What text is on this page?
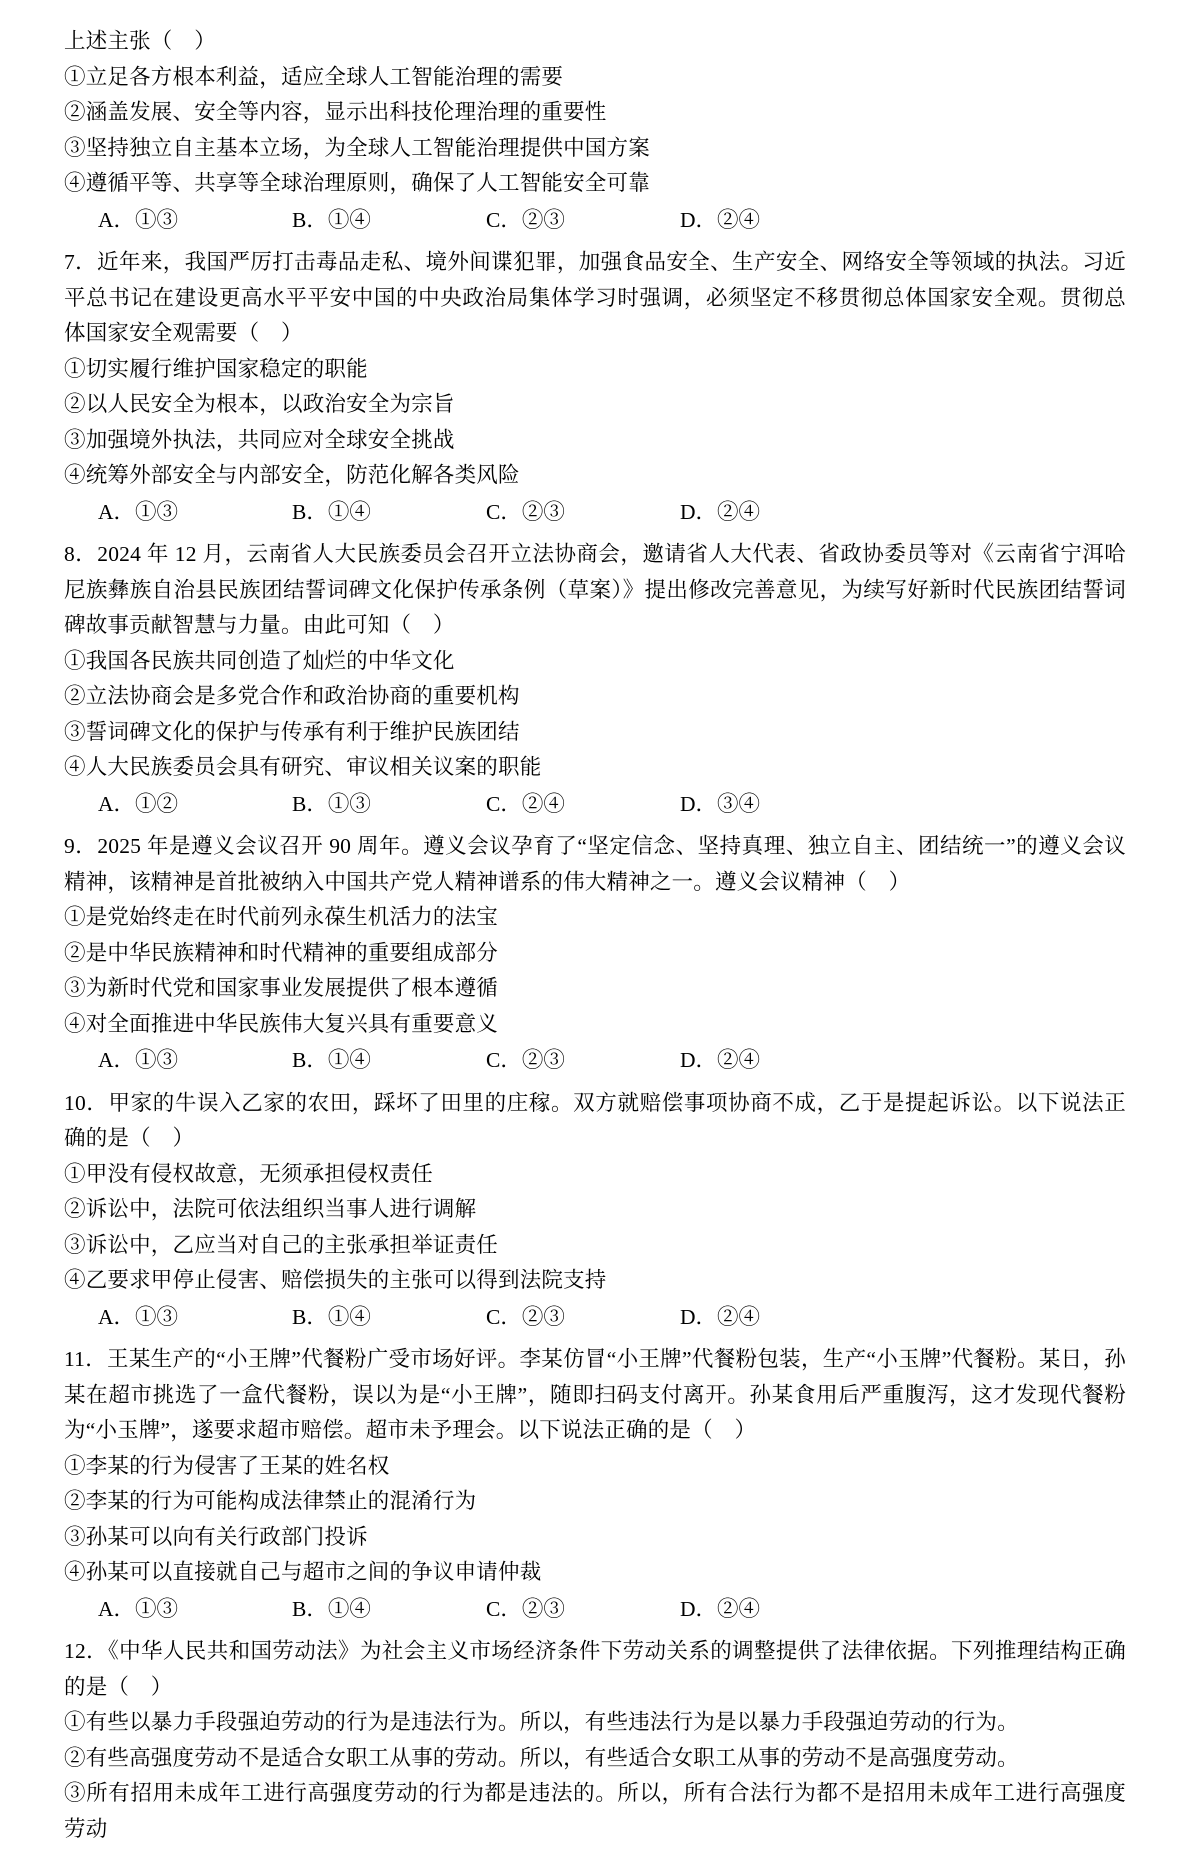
上述主张（　）
①立足各方根本利益，适应全球人工智能治理的需要
②涵盖发展、安全等内容，显示出科技伦理治理的重要性
③坚持独立自主基本立场，为全球人工智能治理提供中国方案
④遵循平等、共享等全球治理原则，确保了人工智能安全可靠
A．①③	B．①④	C．②③	D．②④
7．近年来，我国严厉打击毒品走私、境外间谍犯罪，加强食品安全、生产安全、网络安全等领域的执法。习近平总书记在建设更高水平平安中国的中央政治局集体学习时强调，必须坚定不移贯彻总体国家安全观。贯彻总体国家安全观需要（　）
①切实履行维护国家稳定的职能
②以人民安全为根本，以政治安全为宗旨
③加强境外执法，共同应对全球安全挑战
④统筹外部安全与内部安全，防范化解各类风险
A．①③	B．①④	C．②③	D．②④
8．2024 年 12 月，云南省人大民族委员会召开立法协商会，邀请省人大代表、省政协委员等对《云南省宁洱哈尼族彝族自治县民族团结誓词碑文化保护传承条例（草案）》提出修改完善意见，为续写好新时代民族团结誓词碑故事贡献智慧与力量。由此可知（　）
①我国各民族共同创造了灿烂的中华文化
②立法协商会是多党合作和政治协商的重要机构
③誓词碑文化的保护与传承有利于维护民族团结
④人大民族委员会具有研究、审议相关议案的职能
A．①②	B．①③	C．②④	D．③④
9．2025 年是遵义会议召开 90 周年。遵义会议孕育了“坚定信念、坚持真理、独立自主、团结统一”的遵义会议精神，该精神是首批被纳入中国共产党人精神谱系的伟大精神之一。遵义会议精神（　）
①是党始终走在时代前列永葆生机活力的法宝
②是中华民族精神和时代精神的重要组成部分
③为新时代党和国家事业发展提供了根本遵循
④对全面推进中华民族伟大复兴具有重要意义
A．①③	B．①④	C．②③	D．②④
10．甲家的牛误入乙家的农田，踩坏了田里的庄稼。双方就赔偿事项协商不成，乙于是提起诉讼。以下说法正确的是（　）
①甲没有侵权故意，无须承担侵权责任
②诉讼中，法院可依法组织当事人进行调解
③诉讼中，乙应当对自己的主张承担举证责任
④乙要求甲停止侵害、赔偿损失的主张可以得到法院支持
A．①③	B．①④	C．②③	D．②④
11．王某生产的“小王牌”代餐粉广受市场好评。李某仿冒“小王牌”代餐粉包装，生产“小玉牌”代餐粉。某日，孙某在超市挑选了一盒代餐粉，误以为是“小王牌”，随即扫码支付离开。孙某食用后严重腹泻，这才发现代餐粉为“小玉牌”，遂要求超市赔偿。超市未予理会。以下说法正确的是（　）
①李某的行为侵害了王某的姓名权
②李某的行为可能构成法律禁止的混淆行为
③孙某可以向有关行政部门投诉
④孙某可以直接就自己与超市之间的争议申请仲裁
A．①③	B．①④	C．②③	D．②④
12．《中华人民共和国劳动法》为社会主义市场经济条件下劳动关系的调整提供了法律依据。下列推理结构正确的是（　）
①有些以暴力手段强迫劳动的行为是违法行为。所以，有些违法行为是以暴力手段强迫劳动的行为。
②有些高强度劳动不是适合女职工从事的劳动。所以，有些适合女职工从事的劳动不是高强度劳动。
③所有招用未成年工进行高强度劳动的行为都是违法的。所以，所有合法行为都不是招用未成年工进行高强度劳动
